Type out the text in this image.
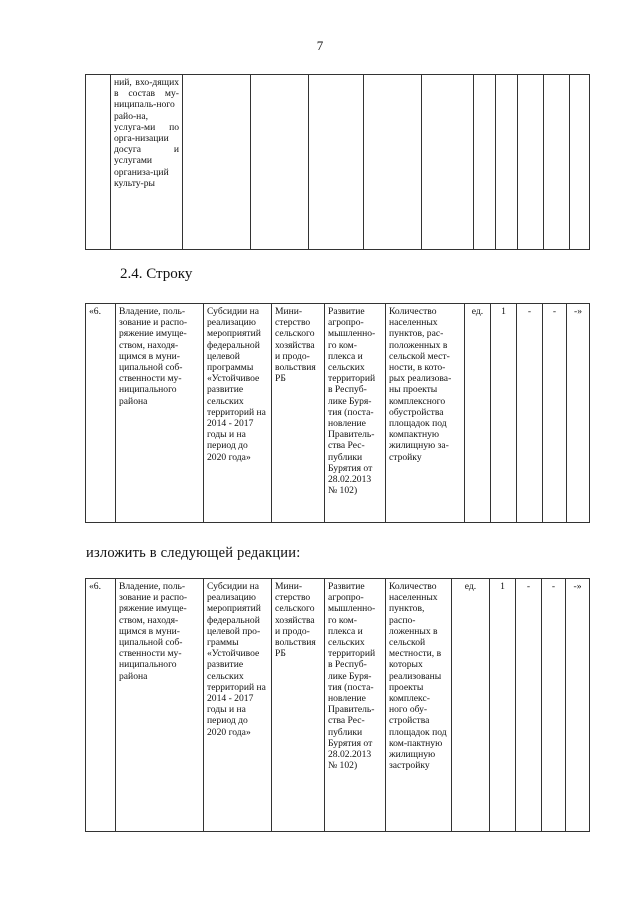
7
	ний, вхо-дящих в состав му-ниципаль-ного райо-на, услуга-ми по орга-низации досуга и услугами организа-ций культу-ры										
2.4. Строку
«6.	Владение, поль-зование и распо-ряжение имуще-ством, находя-щимся в муни-ципальной соб-ственности му-ниципального района	Субсидии на реализацию мероприятий федеральной целевой программы «Устойчивое развитие сельских территорий на 2014 - 2017 годы и на период до 2020 года»	Мини-стерство сельского хозяйства и продо-вольствия РБ	Развитие агропро-мышленно-го ком-плекса и сельских территорий в Респуб-лике Буря-тия (поста-новление Правитель-ства Рес-публики Бурятия от 28.02.2013 № 102)	Количество населенных пунктов, рас-положенных в сельской мест-ности, в кото-рых реализова-ны проекты комплексного обустройства площадок под компактную жилищную за-стройку	ед.	1	-	-	-»
изложить в следующей редакции:
«6.	Владение, поль-зование и распо-ряжение имуще-ством, находя-щимся в муни-ципальной соб-ственности му-ниципального района	Субсидии на реализацию мероприятий федеральной целевой про-граммы «Устойчивое развитие сельских территорий на 2014 - 2017 годы и на период до 2020 года»	Мини-стерство сельского хозяйства и продо-вольствия РБ	Развитие агропро-мышленно-го ком-плекса и сельских территорий в Респуб-лике Буря-тия (поста-новление Правитель-ства Рес-публики Бурятия от 28.02.2013 № 102)	Количество населенных пунктов, распо-ложенных в сельской местности, в которых реализованы проекты комплекс-ного обу-стройства площадок под ком-пактную жилищную застройку	ед.	1	-	-	-»
